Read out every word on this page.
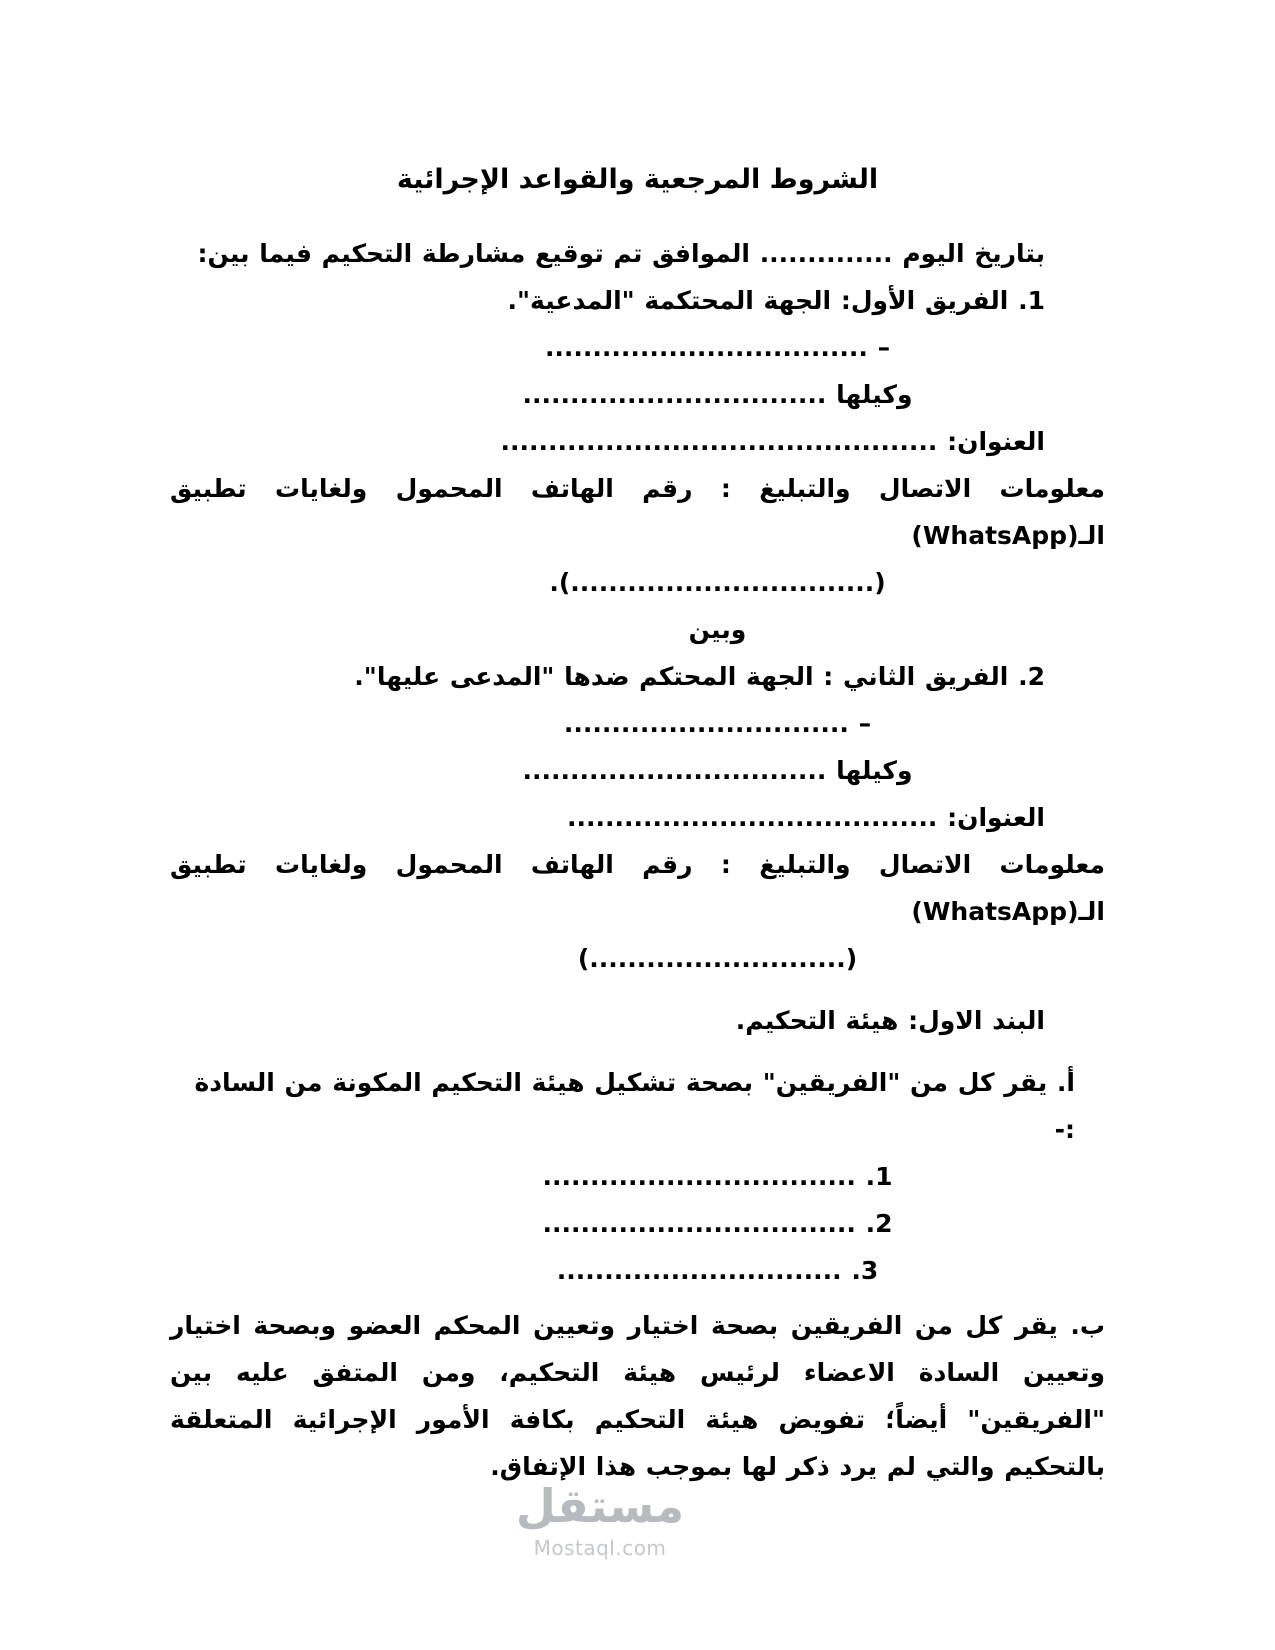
الشروط المرجعية والقواعد الإجرائية

بتاريخ اليوم .............. الموافق تم توقيع مشارطة التحكيم فيما بين:

1. الفريق الأول: الجهة المحتكمة "المدعية".

– ..................................

وكيلها ................................

العنوان: ..............................................

معلومات الاتصال والتبليغ : رقم الهاتف المحمول ولغايات تطبيق الـ(WhatsApp)

(................................).

وبين

2. الفريق الثاني : الجهة المحتكم ضدها "المدعى عليها".

– ..............................

وكيلها ................................

العنوان: .......................................

معلومات الاتصال والتبليغ : رقم الهاتف المحمول ولغايات تطبيق الـ(WhatsApp)

(...........................)

البند الاول: هيئة التحكيم.

أ. يقر كل من "الفريقين" بصحة تشكيل هيئة التحكيم المكونة من السادة :-

1. .................................

2. .................................

3. ..............................

ب. يقر كل من الفريقين بصحة اختيار وتعيين المحكم العضو وبصحة اختيار وتعيين السادة الاعضاء لرئيس هيئة التحكيم، ومن المتفق عليه بين "الفريقين" أيضاً؛ تفويض هيئة التحكيم بكافة الأمور الإجرائية المتعلقة بالتحكيم والتي لم يرد ذكر لها بموجب هذا الإتفاق.

مستقل
Mostaql.com
